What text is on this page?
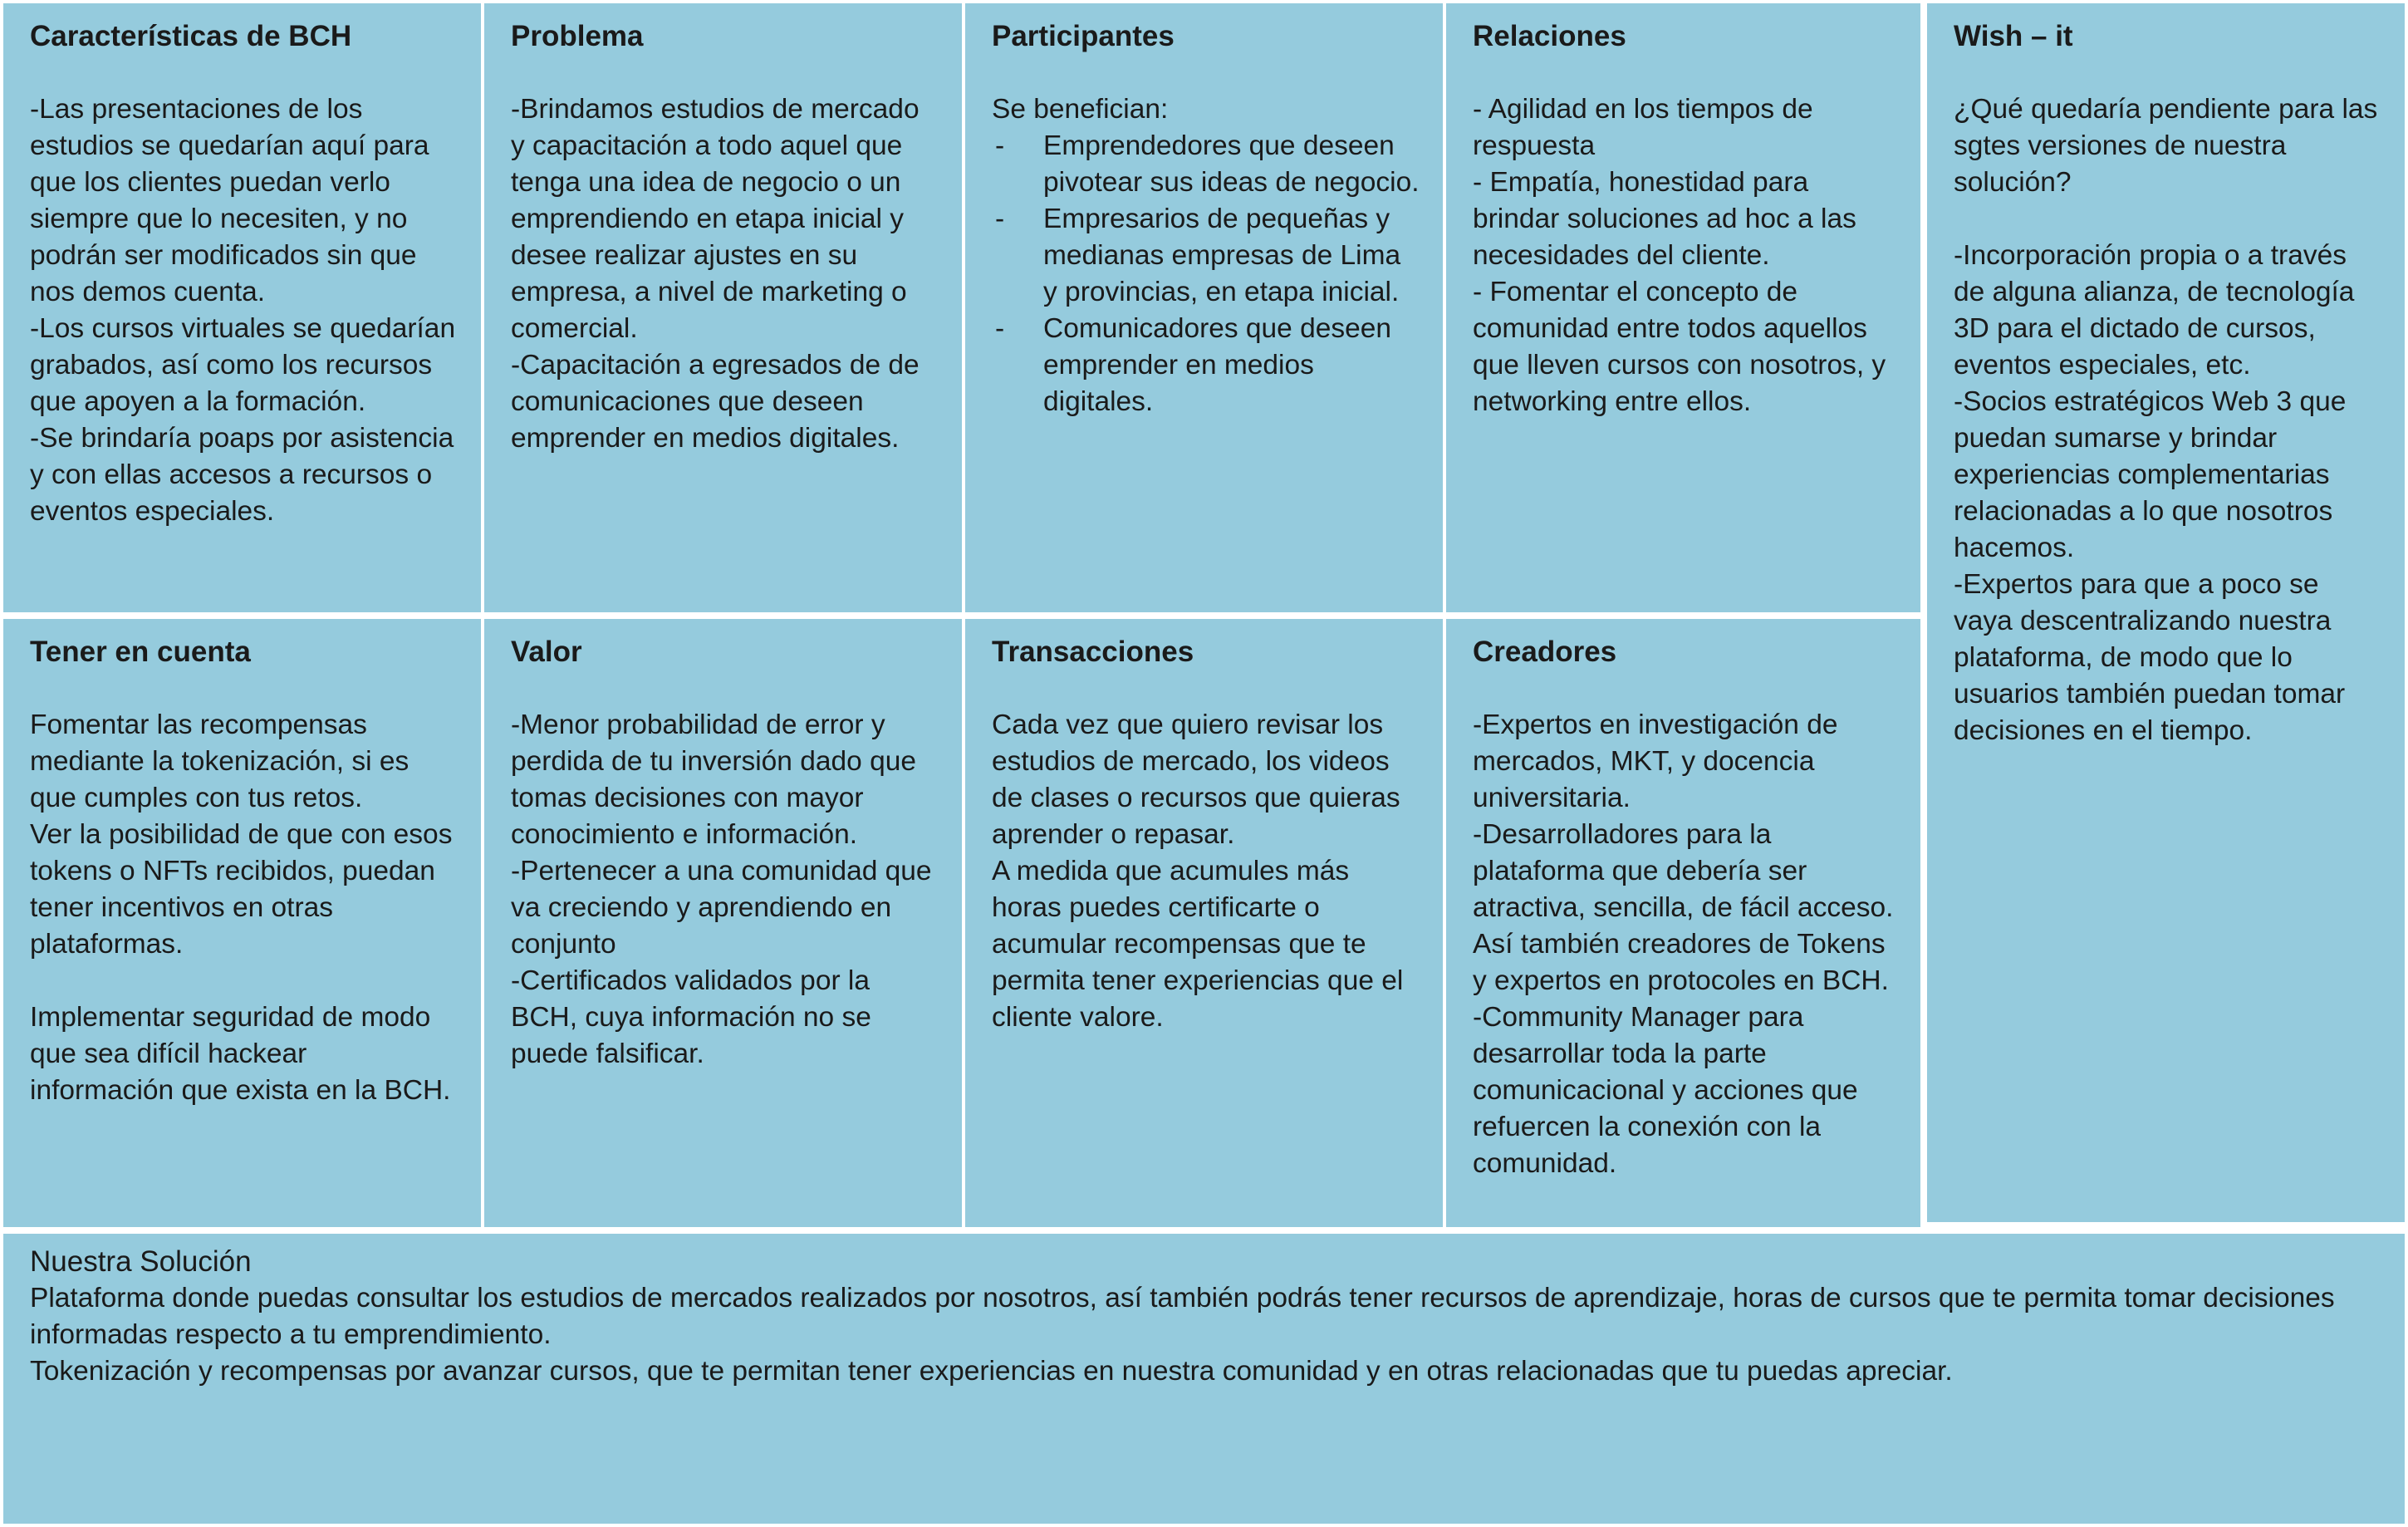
Características de BCH

-Las presentaciones de los estudios se quedarían aquí para que los clientes puedan verlo siempre que lo necesiten, y no podrán ser modificados sin que nos demos cuenta.

-Los cursos virtuales se quedarían grabados, así como los recursos que apoyen a la formación.

-Se brindaría poaps por asistencia y con ellas accesos a recursos o eventos especiales.

Problema

-Brindamos estudios de mercado y capacitación a todo aquel que tenga una idea de negocio o un emprendiendo en etapa inicial y desee realizar ajustes en su empresa, a nivel de marketing o comercial.

-Capacitación a egresados de de comunicaciones que deseen emprender en medios digitales.

Participantes

Se benefician:

- Emprendedores que deseen pivotear sus ideas de negocio.
- Empresarios de pequeñas y medianas empresas de Lima y provincias, en etapa inicial.
- Comunicadores que deseen emprender en medios digitales.
Relaciones

- Agilidad en los tiempos de respuesta

- Empatía, honestidad para brindar soluciones ad hoc a las necesidades del cliente.

- Fomentar el concepto de comunidad entre todos aquellos que lleven cursos con nosotros, y networking entre ellos.

Wish – it

¿Qué quedaría pendiente para las sgtes versiones de nuestra solución?

-Incorporación propia o a través de alguna alianza, de tecnología 3D para el dictado de cursos, eventos especiales, etc.

-Socios estratégicos Web 3 que puedan sumarse y brindar experiencias complementarias relacionadas a lo que nosotros hacemos.

-Expertos para que a poco se vaya descentralizando nuestra plataforma, de modo que lo usuarios también puedan tomar decisiones en el tiempo.

Tener en cuenta

Fomentar las recompensas mediante la tokenización, si es que cumples con tus retos.

Ver la posibilidad de que con esos tokens o NFTs recibidos, puedan tener incentivos en otras plataformas.

Implementar seguridad de modo que sea difícil hackear información que exista en la BCH.

Valor

-Menor probabilidad de error y perdida de tu inversión dado que tomas decisiones con mayor conocimiento e información.

-Pertenecer a una comunidad que va creciendo y aprendiendo en conjunto

-Certificados validados por la BCH, cuya información no se puede falsificar.

Transacciones

Cada vez que quiero revisar los estudios de mercado, los videos de clases o recursos que quieras aprender o repasar.

A medida que acumules más horas puedes certificarte o acumular recompensas que te permita tener experiencias que el cliente valore.

Creadores

-Expertos en investigación de mercados, MKT, y docencia universitaria.

-Desarrolladores para la plataforma que debería ser atractiva, sencilla, de fácil acceso. Así también creadores de Tokens y expertos en protocoles en BCH.

-Community Manager para desarrollar toda la parte comunicacional y acciones que refuercen la conexión con la comunidad.

Nuestra Solución

Plataforma donde puedas consultar los estudios de mercados realizados por nosotros, así también podrás tener recursos de aprendizaje, horas de cursos que te permita tomar decisiones informadas respecto a tu emprendimiento.

Tokenización y recompensas por avanzar cursos, que te permitan tener experiencias en nuestra comunidad y en otras relacionadas que tu puedas apreciar.
